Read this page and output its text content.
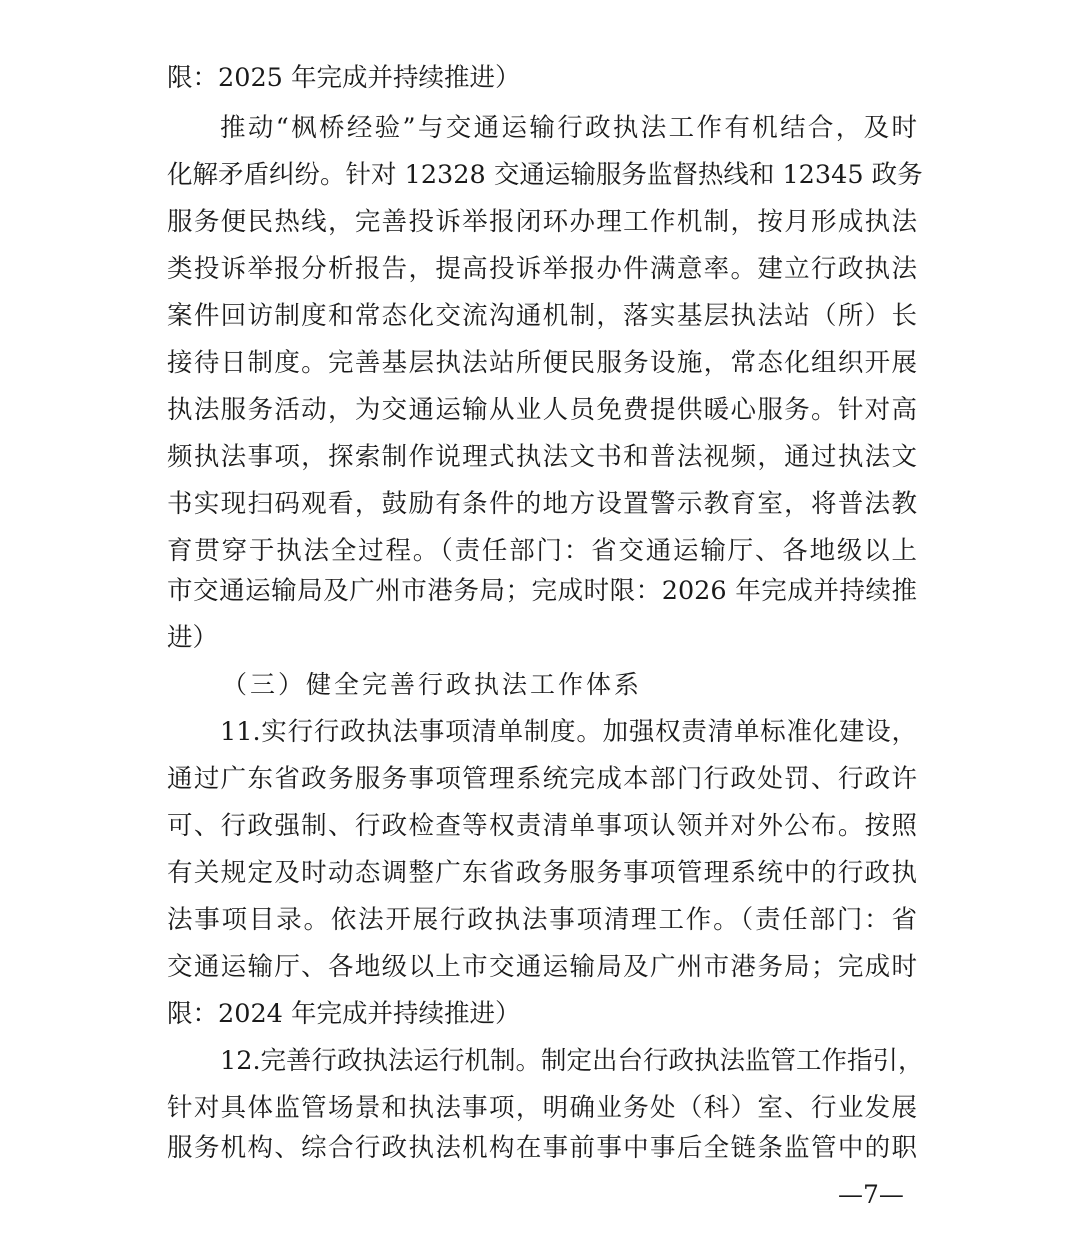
限：2025 年完成并持续推进）
推动“枫桥经验”与交通运输行政执法工作有机结合，及时
化解矛盾纠纷。针对 12328 交通运输服务监督热线和 12345 政务
服务便民热线，完善投诉举报闭环办理工作机制，按月形成执法
类投诉举报分析报告，提高投诉举报办件满意率。建立行政执法
案件回访制度和常态化交流沟通机制，落实基层执法站（所）长
接待日制度。完善基层执法站所便民服务设施，常态化组织开展
执法服务活动，为交通运输从业人员免费提供暖心服务。针对高
频执法事项，探索制作说理式执法文书和普法视频，通过执法文
书实现扫码观看，鼓励有条件的地方设置警示教育室，将普法教
育贯穿于执法全过程。（责任部门：省交通运输厅、各地级以上
市交通运输局及广州市港务局；完成时限：2026 年完成并持续推
进）
（三）健全完善行政执法工作体系
11.实行行政执法事项清单制度。加强权责清单标准化建设，
通过广东省政务服务事项管理系统完成本部门行政处罚、行政许
可、行政强制、行政检查等权责清单事项认领并对外公布。按照
有关规定及时动态调整广东省政务服务事项管理系统中的行政执
法事项目录。依法开展行政执法事项清理工作。（责任部门：省
交通运输厅、各地级以上市交通运输局及广州市港务局；完成时
限：2024 年完成并持续推进）
12.完善行政执法运行机制。制定出台行政执法监管工作指引，
针对具体监管场景和执法事项，明确业务处（科）室、行业发展
服务机构、综合行政执法机构在事前事中事后全链条监管中的职
—7—
